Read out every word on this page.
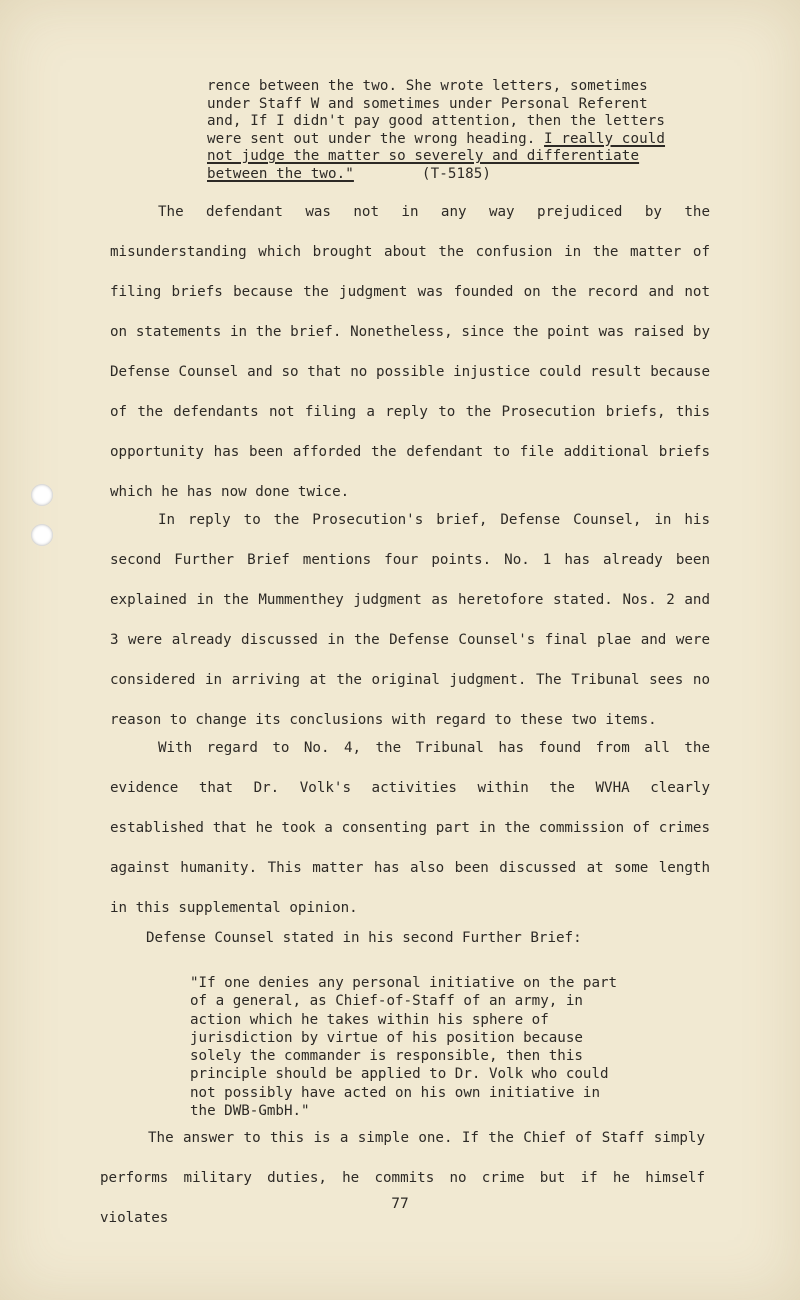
rence between the two. She wrote letters, sometimes under Staff W and sometimes under Personal Referent and, If I didn't pay good attention, then the letters were sent out under the wrong heading. I really could not judge the matter so severely and differentiate between the two."	(T-5185)

The defendant was not in any way prejudiced by the misunderstanding which brought about the confusion in the matter of filing briefs because the judgment was founded on the record and not on statements in the brief. Nonetheless, since the point was raised by Defense Counsel and so that no possible injustice could result because of the defendants not filing a reply to the Prosecution briefs, this opportunity has been afforded the defendant to file additional briefs which he has now done twice.

In reply to the Prosecution's brief, Defense Counsel, in his second Further Brief mentions four points. No. 1 has already been explained in the Mummenthey judgment as heretofore stated. Nos. 2 and 3 were already discussed in the Defense Counsel's final plae and were considered in arriving at the original judgment. The Tribunal sees no reason to change its conclusions with regard to these two items.

With regard to No. 4, the Tribunal has found from all the evidence that Dr. Volk's activities within the WVHA clearly established that he took a consenting part in the commission of crimes against humanity. This matter has also been discussed at some length in this supplemental opinion.

Defense Counsel stated in his second Further Brief:

"If one denies any personal initiative on the part of a general, as Chief-of-Staff of an army, in action which he takes within his sphere of jurisdiction by virtue of his position because solely the commander is responsible, then this principle should be applied to Dr. Volk who could not possibly have acted on his own initiative in the DWB-GmbH."

The answer to this is a simple one. If the Chief of Staff simply performs military duties, he commits no crime but if he himself violates

77
